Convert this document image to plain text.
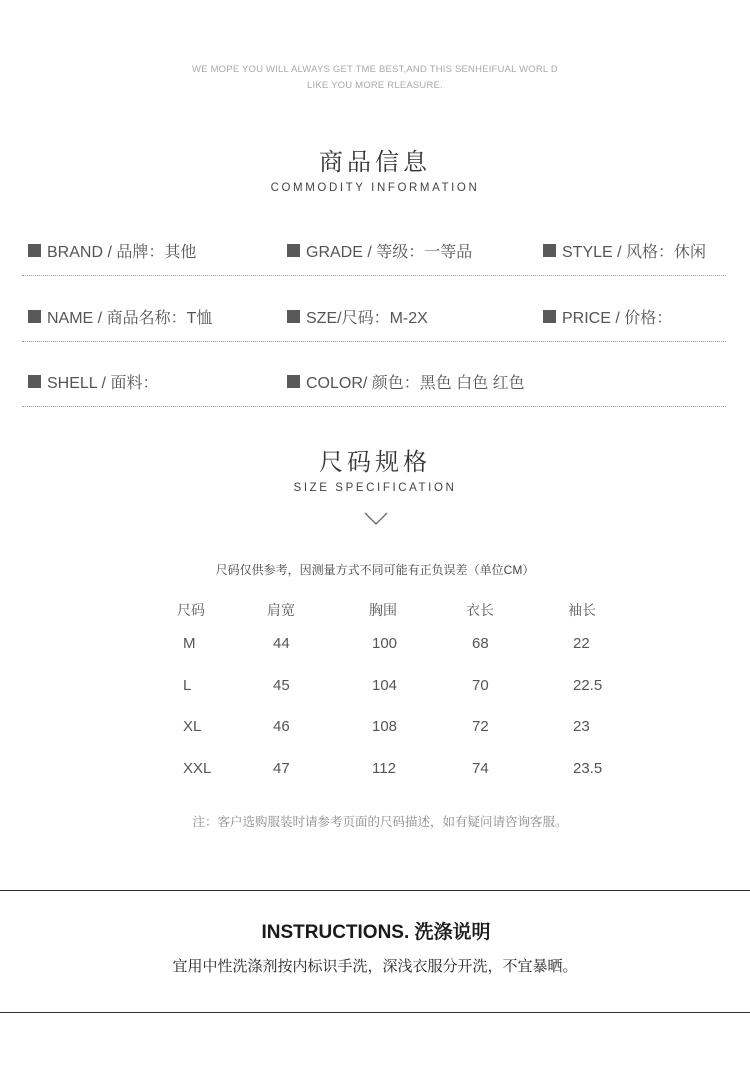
WE MOPE YOU WILL ALWAYS GET TME BEST,AND THIS SENHEIFUAL WORL D
LIKE YOU MORE RLEASURE.
商品信息
COMMODITY INFORMATION
BRAND / 品牌：其他	GRADE / 等级：一等品	STYLE / 风格：休闲
NAME / 商品名称：T恤	SZE/尺码：M-2X	PRICE / 价格：
SHELL / 面料：	COLOR/ 颜色：黑色 白色 红色
尺码规格
SIZE SPECIFICATION
尺码仅供参考，因测量方式不同可能有正负误差（单位CM）
尺码	肩宽	胸围	衣长	袖长
M	44	100	68	22
L	45	104	70	22.5
XL	46	108	72	23
XXL	47	112	74	23.5
注：客户选购服装时请参考页面的尺码描述，如有疑问请咨询客服。
INSTRUCTIONS. 洗涤说明
宜用中性洗涤剂按内标识手洗，深浅衣服分开洗，不宜暴晒。
